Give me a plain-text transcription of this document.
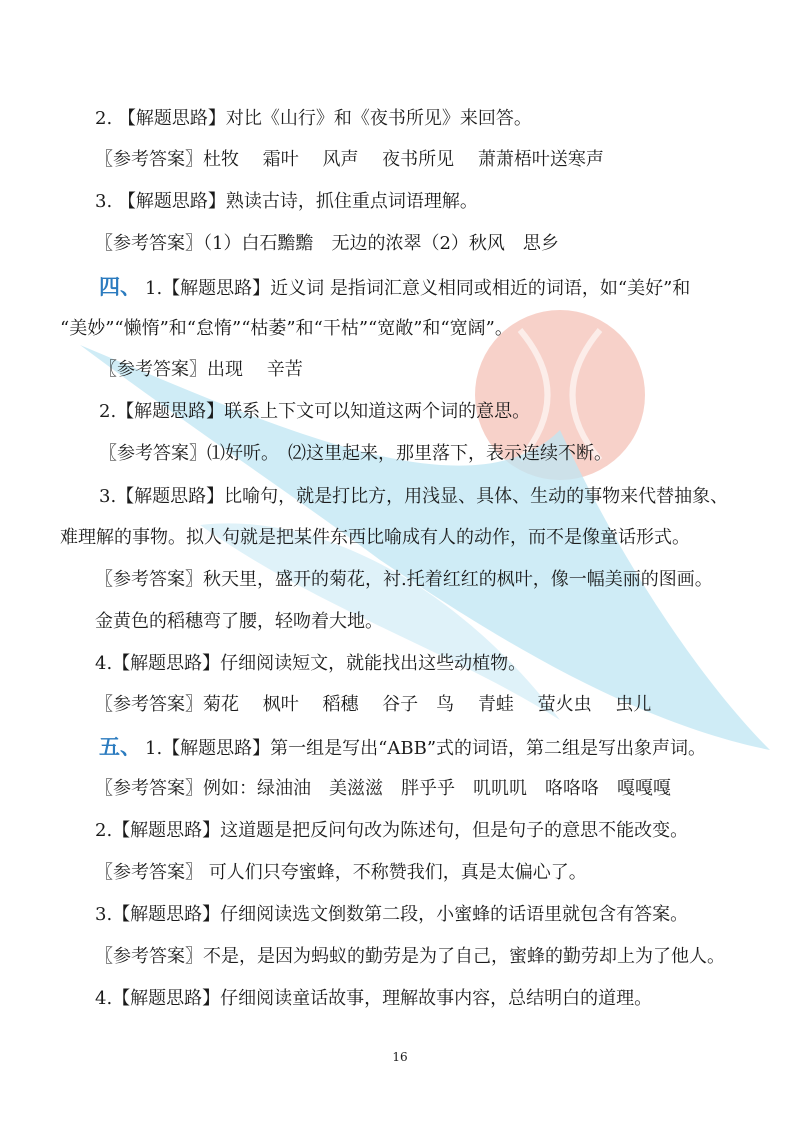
2. 【解题思路】对比《山行》和《夜书所见》来回答。
〖参考答案〗杜牧　 霜叶　 风声　 夜书所见　 萧萧梧叶送寒声
3. 【解题思路】熟读古诗，抓住重点词语理解。
〖参考答案〗（1）白石黵黵　无边的浓翠（2）秋风　思乡
四、 1.【解题思路】近义词 是指词汇意义相同或相近的词语，如“美好”和
“美妙”“懒惰”和“怠惰”“枯萎”和“干枯”“宽敞”和“宽阔”。
〖参考答案〗出现　 辛苦
2.【解题思路】联系上下文可以知道这两个词的意思。
〖参考答案〗⑴好听。　⑵这里起来，那里落下，表示连续不断。
3.【解题思路】比喻句，就是打比方，用浅显、具体、生动的事物来代替抽象、
难理解的事物。拟人句就是把某件东西比喻成有人的动作，而不是像童话形式。
〖参考答案〗秋天里，盛开的菊花，衬.托着红红的枫叶，像一幅美丽的图画。
金黄色的稻穗弯了腰，轻吻着大地。
4.【解题思路】仔细阅读短文，就能找出这些动植物。
〖参考答案〗菊花　 枫叶　 稻穗　 谷子　鸟　 青蛙　 萤火虫　 虫儿
五、 1.【解题思路】第一组是写出“ABB”式的词语，第二组是写出象声词。
〖参考答案〗例如：绿油油　美滋滋　胖乎乎　叽叽叽　咯咯咯　嘎嘎嘎
2.【解题思路】这道题是把反问句改为陈述句，但是句子的意思不能改变。
〖参考答案〗 可人们只夸蜜蜂，不称赞我们，真是太偏心了。
3.【解题思路】仔细阅读选文倒数第二段，小蜜蜂的话语里就包含有答案。
〖参考答案〗不是，是因为蚂蚁的勤劳是为了自己，蜜蜂的勤劳却上为了他人。
4.【解题思路】仔细阅读童话故事，理解故事内容，总结明白的道理。
16
